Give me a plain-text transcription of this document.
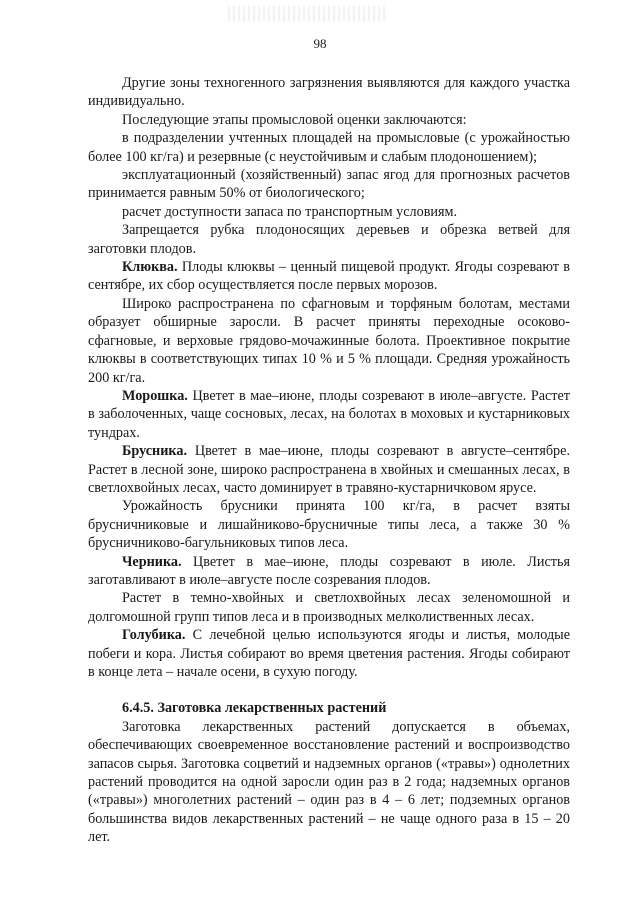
98

Другие зоны техногенного загрязнения выявляются для каждого участка индивидуально.

Последующие этапы промысловой оценки заключаются:

в подразделении учтенных площадей на промысловые (с урожайностью более 100 кг/га) и резервные (с неустойчивым и слабым плодоношением);

эксплуатационный (хозяйственный) запас ягод для прогнозных расчетов принимается равным 50% от биологического;

расчет доступности запаса по транспортным условиям.

Запрещается рубка плодоносящих деревьев и обрезка ветвей для заготовки плодов.

Клюква. Плоды клюквы – ценный пищевой продукт. Ягоды созревают в сентябре, их сбор осуществляется после первых морозов.

Широко распространена по сфагновым и торфяным болотам, местами образует обширные заросли. В расчет приняты переходные осоково-сфагновые, и верховые грядово-мочажинные болота. Проективное покрытие клюквы в соответствующих типах 10 % и 5 % площади. Средняя урожайность 200 кг/га.

Морошка. Цветет в мае–июне, плоды созревают в июле–августе. Растет в заболоченных, чаще сосновых, лесах, на болотах в моховых и кустарниковых тундрах.

Брусника. Цветет в мае–июне, плоды созревают в августе–сентябре. Растет в лесной зоне, широко распространена в хвойных и смешанных лесах, в светлохвойных лесах, часто доминирует в травяно-кустарничковом ярусе.

Урожайность брусники принята 100 кг/га, в расчет взяты брусничниковые и лишайниково-брусничные типы леса, а также 30 % брусничниково-багульниковых типов леса.

Черника. Цветет в мае–июне, плоды созревают в июле. Листья заготавливают в июле–августе после созревания плодов.

Растет в темно-хвойных и светлохвойных лесах зеленомошной и долгомошной групп типов леса и в производных мелколиственных лесах.

Голубика. С лечебной целью используются ягоды и листья, молодые побеги и кора. Листья собирают во время цветения растения. Ягоды собирают в конце лета – начале осени, в сухую погоду.

6.4.5. Заготовка лекарственных растений

Заготовка лекарственных растений допускается в объемах, обеспечивающих своевременное восстановление растений и воспроизводство запасов сырья. Заготовка соцветий и надземных органов («травы») однолетних растений проводится на одной заросли один раз в 2 года; надземных органов («травы») многолетних растений – один раз в 4 – 6 лет; подземных органов большинства видов лекарственных растений – не чаще одного раза в 15 – 20 лет.
